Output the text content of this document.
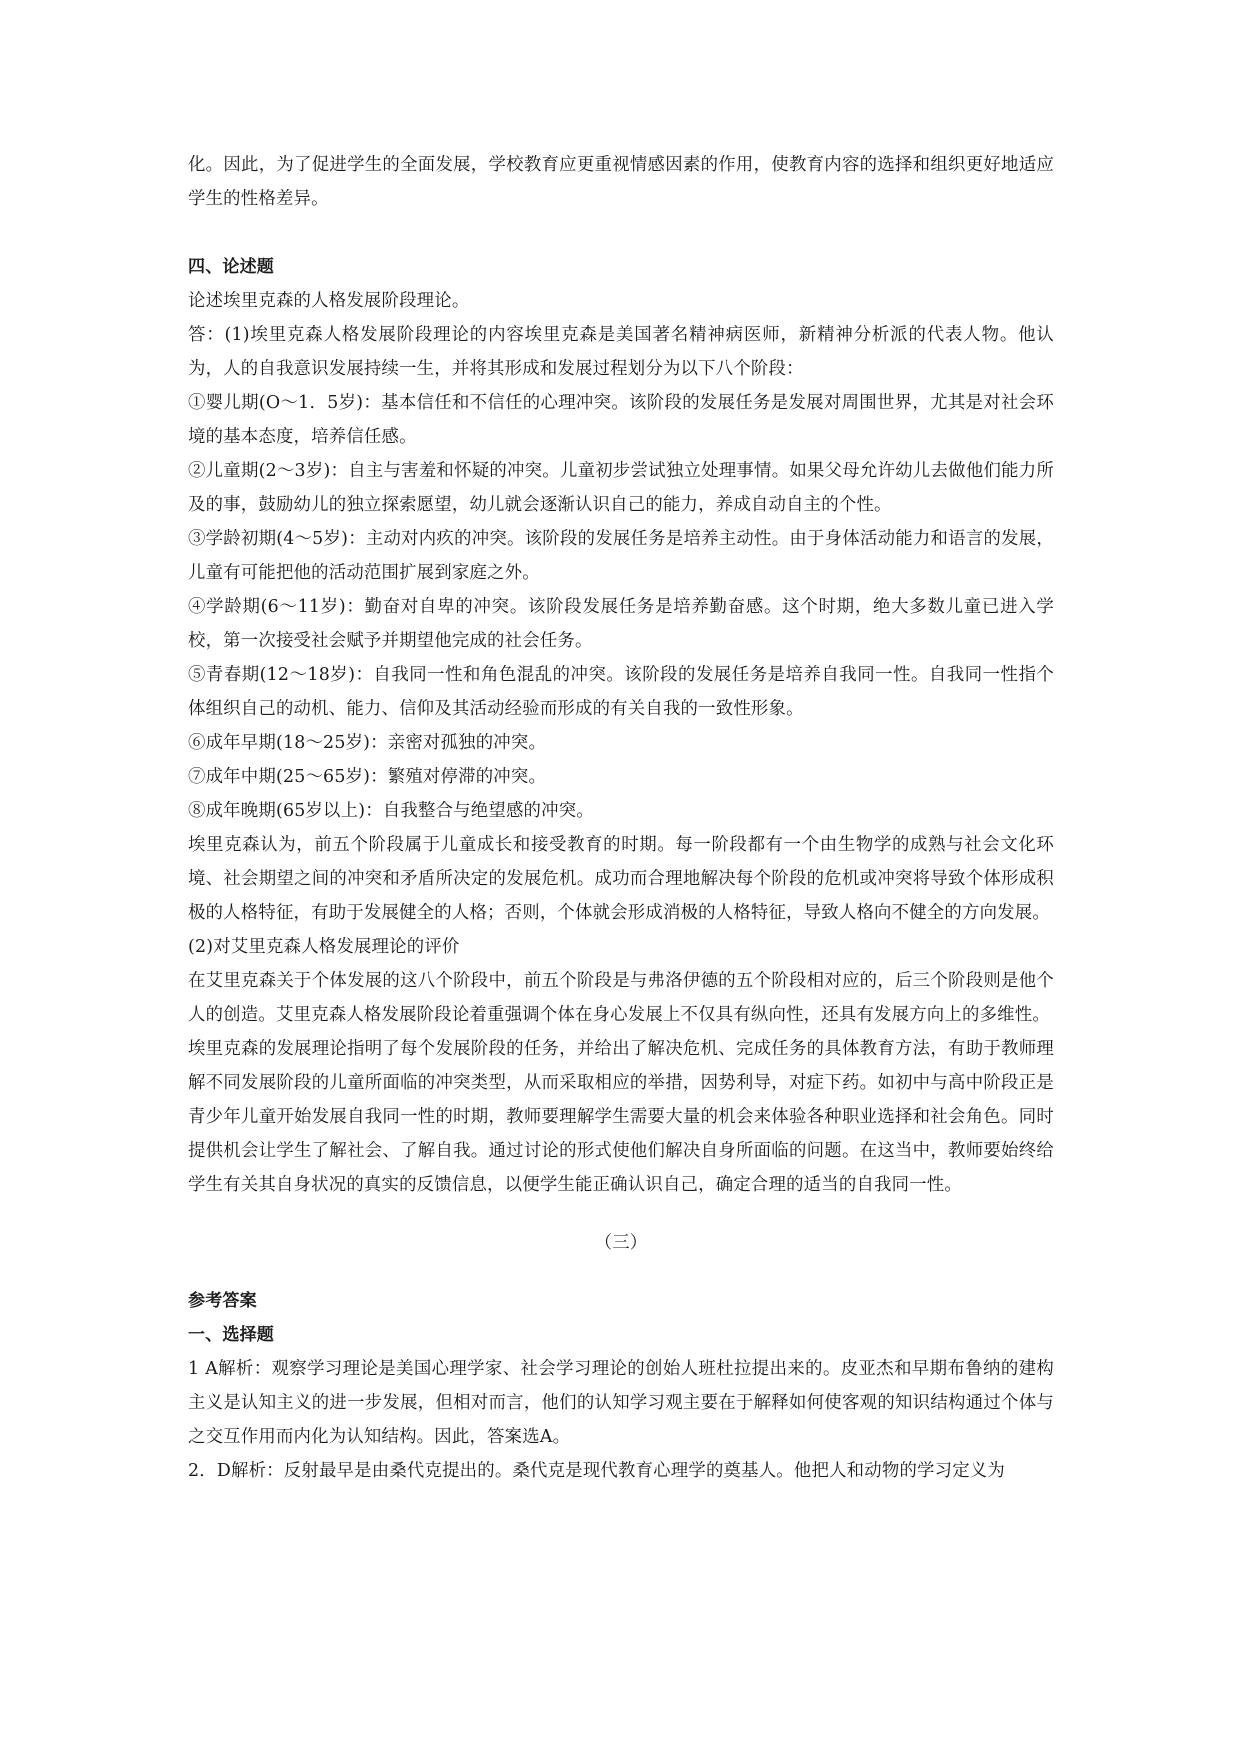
化。因此，为了促进学生的全面发展，学校教育应更重视情感因素的作用，使教育内容的选择和组织更好地适应学生的性格差异。

四、论述题

论述埃里克森的人格发展阶段理论。

答：(1)埃里克森人格发展阶段理论的内容埃里克森是美国著名精神病医师，新精神分析派的代表人物。他认为，人的自我意识发展持续一生，并将其形成和发展过程划分为以下八个阶段：

①婴儿期(O～1．5岁)：基本信任和不信任的心理冲突。该阶段的发展任务是发展对周围世界，尤其是对社会环境的基本态度，培养信任感。

②儿童期(2～3岁)：自主与害羞和怀疑的冲突。儿童初步尝试独立处理事情。如果父母允许幼儿去做他们能力所及的事，鼓励幼儿的独立探索愿望，幼儿就会逐渐认识自己的能力，养成自动自主的个性。

③学龄初期(4～5岁)：主动对内疚的冲突。该阶段的发展任务是培养主动性。由于身体活动能力和语言的发展，儿童有可能把他的活动范围扩展到家庭之外。

④学龄期(6～11岁)：勤奋对自卑的冲突。该阶段发展任务是培养勤奋感。这个时期，绝大多数儿童已进入学校，第一次接受社会赋予并期望他完成的社会任务。

⑤青春期(12～18岁)：自我同一性和角色混乱的冲突。该阶段的发展任务是培养自我同一性。自我同一性指个体组织自己的动机、能力、信仰及其活动经验而形成的有关自我的一致性形象。

⑥成年早期(18～25岁)：亲密对孤独的冲突。

⑦成年中期(25～65岁)：繁殖对停滞的冲突。

⑧成年晚期(65岁以上)：自我整合与绝望感的冲突。

埃里克森认为，前五个阶段属于儿童成长和接受教育的时期。每一阶段都有一个由生物学的成熟与社会文化环境、社会期望之间的冲突和矛盾所决定的发展危机。成功而合理地解决每个阶段的危机或冲突将导致个体形成积极的人格特征，有助于发展健全的人格；否则，个体就会形成消极的人格特征，导致人格向不健全的方向发展。

(2)对艾里克森人格发展理论的评价

在艾里克森关于个体发展的这八个阶段中，前五个阶段是与弗洛伊德的五个阶段相对应的，后三个阶段则是他个人的创造。艾里克森人格发展阶段论着重强调个体在身心发展上不仅具有纵向性，还具有发展方向上的多维性。

埃里克森的发展理论指明了每个发展阶段的任务，并给出了解决危机、完成任务的具体教育方法，有助于教师理解不同发展阶段的儿童所面临的冲突类型，从而采取相应的举措，因势利导，对症下药。如初中与高中阶段正是青少年儿童开始发展自我同一性的时期，教师要理解学生需要大量的机会来体验各种职业选择和社会角色。同时提供机会让学生了解社会、了解自我。通过讨论的形式使他们解决自身所面临的问题。在这当中，教师要始终给学生有关其自身状况的真实的反馈信息，以便学生能正确认识自己，确定合理的适当的自我同一性。

（三）

参考答案

一、选择题

1 A解析：观察学习理论是美国心理学家、社会学习理论的创始人班杜拉提出来的。皮亚杰和早期布鲁纳的建构主义是认知主义的进一步发展，但相对而言，他们的认知学习观主要在于解释如何使客观的知识结构通过个体与之交互作用而内化为认知结构。因此，答案选A。

2．D解析：反射最早是由桑代克提出的。桑代克是现代教育心理学的奠基人。他把人和动物的学习定义为
